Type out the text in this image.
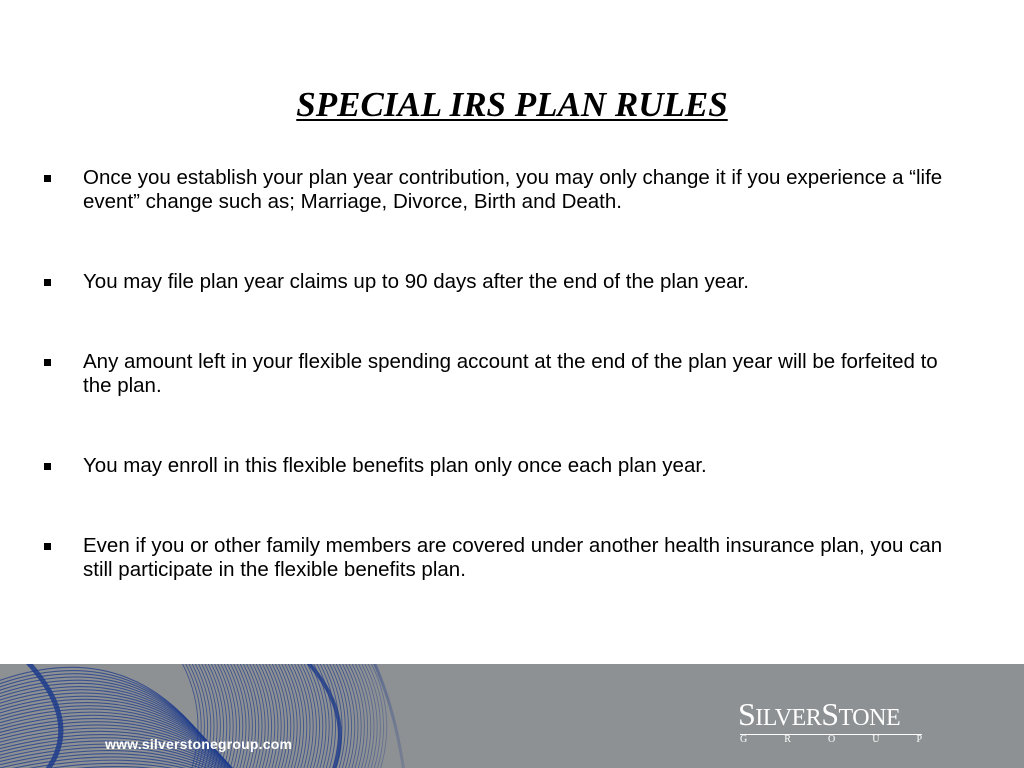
SPECIAL IRS PLAN RULES
Once you establish your plan year contribution, you may only change it if you experience a “life event” change such as; Marriage, Divorce, Birth and Death.
You may file plan year claims up to 90 days after the end of the plan year.
Any amount left in your flexible spending account at the end of the plan year will be forfeited to the plan.
You may enroll in this flexible benefits plan only once each plan year.
Even if you or other family members are covered under another health insurance plan, you can still participate in the flexible benefits plan.
www.silverstonegroup.com
SILVERSTONE
G	R	O	U	P
